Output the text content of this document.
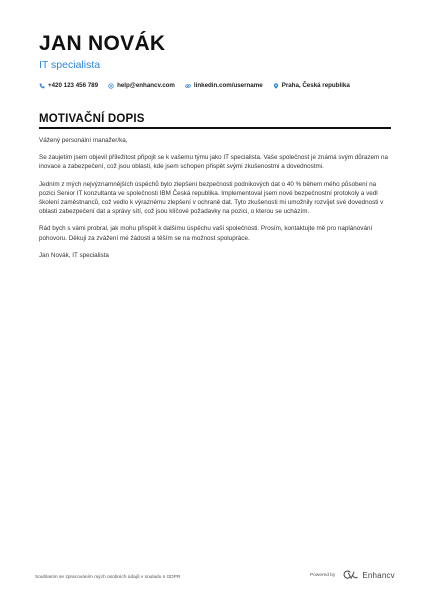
JAN NOVÁK
IT specialista
+420 123 456 789	help@enhancv.com	linkedin.com/username	Praha, Česká republika
MOTIVAČNÍ DOPIS

Vážený personální manažer/ka,

Se zaujetím jsem objevil příležitost připojit se k vašemu týmu jako IT specialista. Vaše společnost je známá svým důrazem na inovace a zabezpečení, což jsou oblasti, kde jsem schopen přispět svými zkušenostmi a dovednostmi.

Jedním z mých nejvýznamnějších úspěchů bylo zlepšení bezpečnosti podnikových dat o 40 % během mého působení na pozici Senior IT konzultanta ve společnosti IBM Česká republika. Implementoval jsem nové bezpečnostní protokoly a vedl školení zaměstnanců, což vedlo k výraznému zlepšení v ochraně dat. Tyto zkušenosti mi umožnily rozvíjet své dovednosti v oblasti zabezpečení dat a správy sítí, což jsou klíčové požadavky na pozici, o kterou se ucházím.

Rád bych s vámi probral, jak mohu přispět k dalšímu úspěchu vaší společnosti. Prosím, kontaktujte mě pro naplánování pohovoru. Děkuji za zvážení mé žádosti a těším se na možnost spolupráce.

Jan Novák, IT specialista

Souhlasím se zpracováním mých osobních údajů v souladu s GDPR	Powered by	Enhancv
